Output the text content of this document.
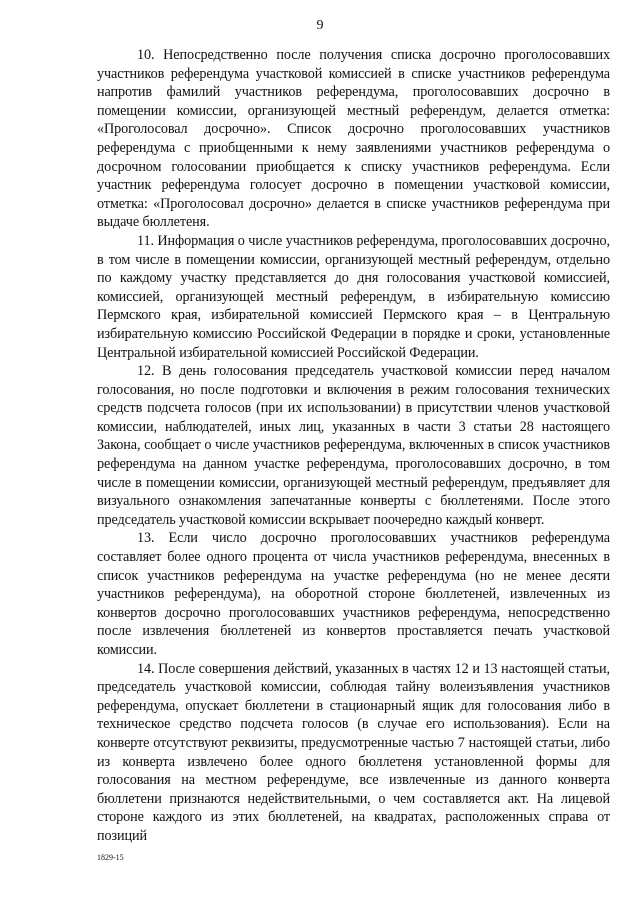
9

10. Непосредственно после получения списка досрочно проголосовавших участников референдума участковой комиссией в списке участников референдума напротив фамилий участников референдума, проголосовавших досрочно в помещении комиссии, организующей местный референдум, делается отметка: «Проголосовал досрочно». Список досрочно проголосовавших участников референдума с приобщенными к нему заявлениями участников референдума о досрочном голосовании приобщается к списку участников референдума. Если участник референдума голосует досрочно в помещении участковой комиссии, отметка: «Проголосовал досрочно» делается в списке участников референдума при выдаче бюллетеня.

11. Информация о числе участников референдума, проголосовавших досрочно, в том числе в помещении комиссии, организующей местный референдум, отдельно по каждому участку представляется до дня голосования участковой комиссией, комиссией, организующей местный референдум, в избирательную комиссию Пермского края, избирательной комиссией Пермского края – в Центральную избирательную комиссию Российской Федерации в порядке и сроки, установленные Центральной избирательной комиссией Российской Федерации.

12. В день голосования председатель участковой комиссии перед началом голосования, но после подготовки и включения в режим голосования технических средств подсчета голосов (при их использовании) в присутствии членов участковой комиссии, наблюдателей, иных лиц, указанных в части 3 статьи 28 настоящего Закона, сообщает о числе участников референдума, включенных в список участников референдума на данном участке референдума, проголосовавших досрочно, в том числе в помещении комиссии, организующей местный референдум, предъявляет для визуального ознакомления запечатанные конверты с бюллетенями. После этого председатель участковой комиссии вскрывает поочередно каждый конверт.

13. Если число досрочно проголосовавших участников референдума составляет более одного процента от числа участников референдума, внесенных в список участников референдума на участке референдума (но не менее десяти участников референдума), на оборотной стороне бюллетеней, извлеченных из конвертов досрочно проголосовавших участников референдума, непосредственно после извлечения бюллетеней из конвертов проставляется печать участковой комиссии.

14. После совершения действий, указанных в частях 12 и 13 настоящей статьи, председатель участковой комиссии, соблюдая тайну волеизъявления участников референдума, опускает бюллетени в стационарный ящик для голосования либо в техническое средство подсчета голосов (в случае его использования). Если на конверте отсутствуют реквизиты, предусмотренные частью 7 настоящей статьи, либо из конверта извлечено более одного бюллетеня установленной формы для голосования на местном референдуме, все извлеченные из данного конверта бюллетени признаются недействительными, о чем составляется акт. На лицевой стороне каждого из этих бюллетеней, на квадратах, расположенных справа от позиций

1829-15
